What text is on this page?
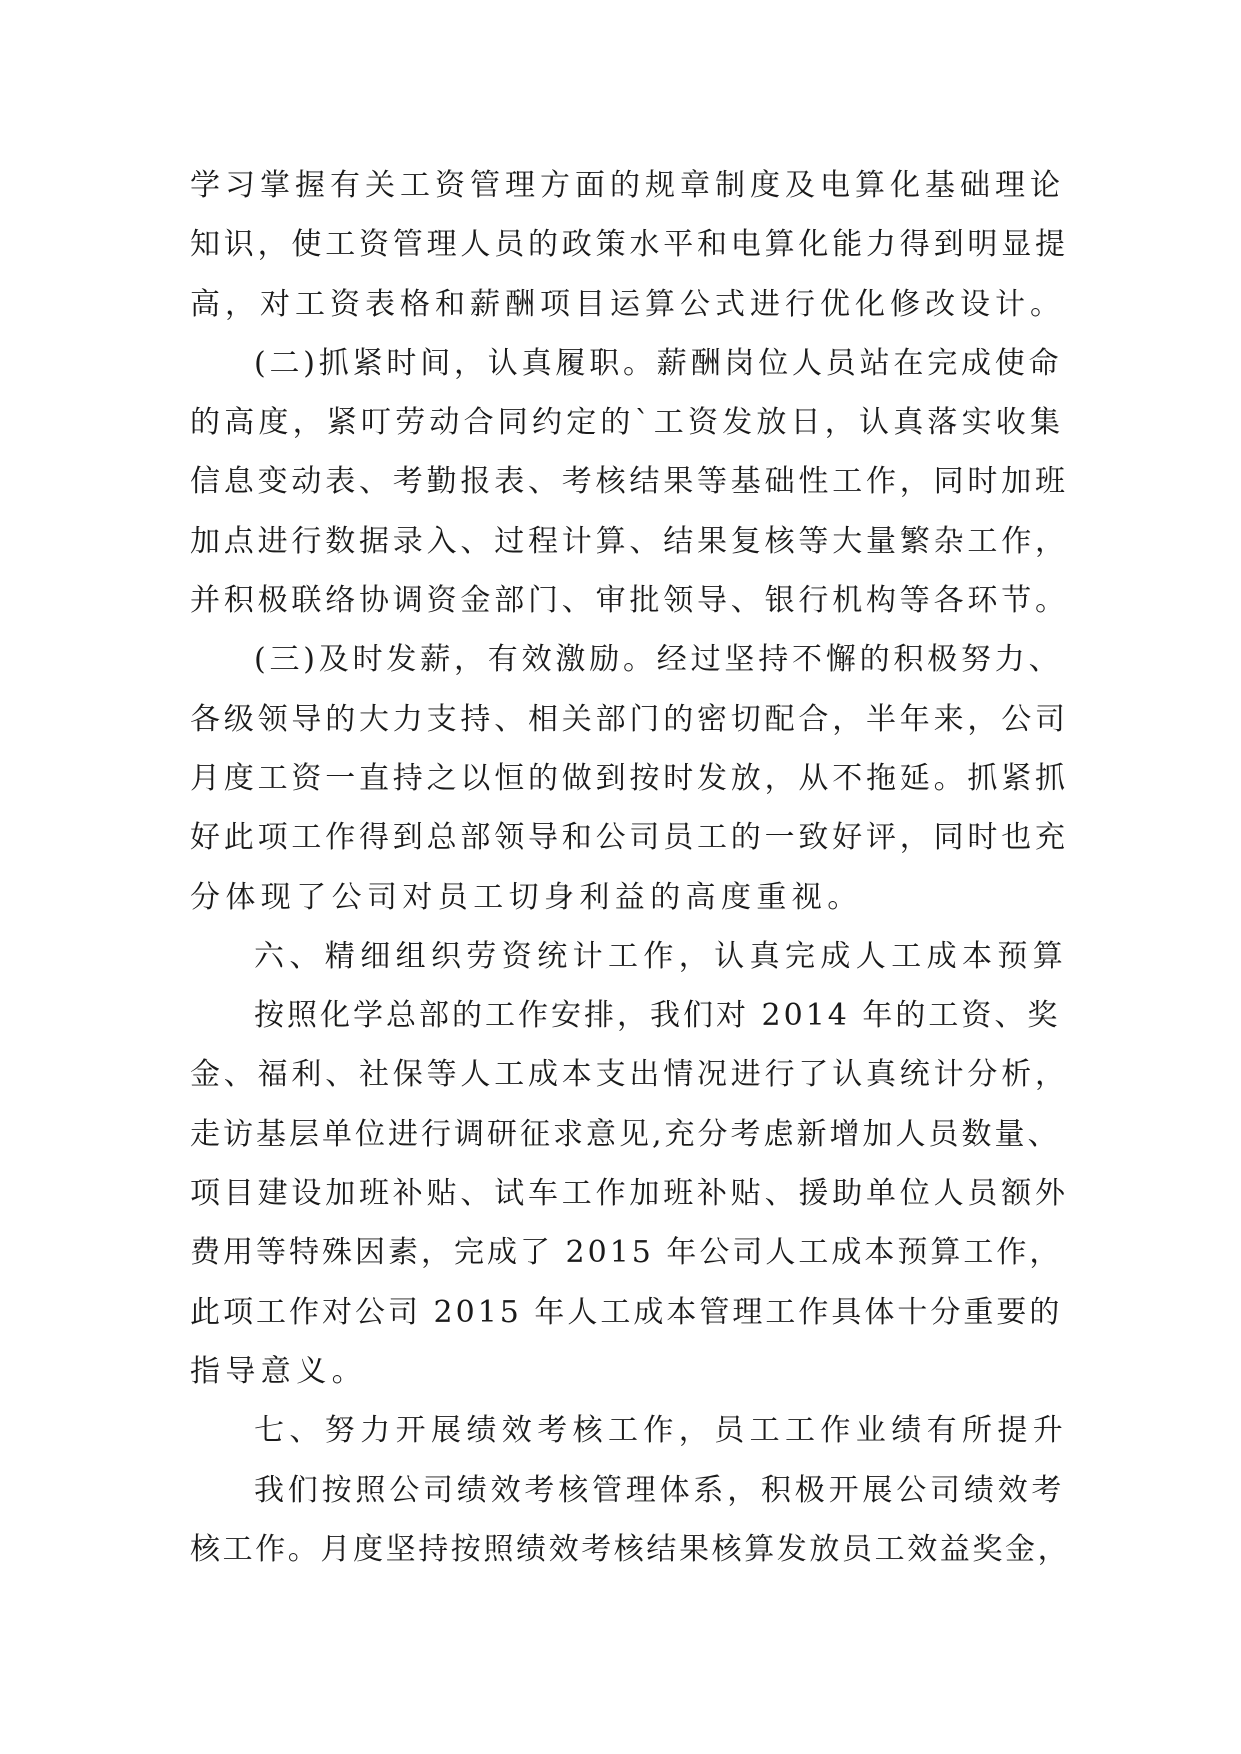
学习掌握有关工资管理方面的规章制度及电算化基础理论
知识，使工资管理人员的政策水平和电算化能力得到明显提
高，对工资表格和薪酬项目运算公式进行优化修改设计。
(二)抓紧时间，认真履职。薪酬岗位人员站在完成使命
的高度，紧叮劳动合同约定的`工资发放日，认真落实收集
信息变动表、考勤报表、考核结果等基础性工作，同时加班
加点进行数据录入、过程计算、结果复核等大量繁杂工作，
并积极联络协调资金部门、审批领导、银行机构等各环节。
(三)及时发薪，有效激励。经过坚持不懈的积极努力、
各级领导的大力支持、相关部门的密切配合，半年来，公司
月度工资一直持之以恒的做到按时发放，从不拖延。抓紧抓
好此项工作得到总部领导和公司员工的一致好评，同时也充
分体现了公司对员工切身利益的高度重视。
六、精细组织劳资统计工作，认真完成人工成本预算
按照化学总部的工作安排，我们对 2014 年的工资、奖
金、福利、社保等人工成本支出情况进行了认真统计分析，
走访基层单位进行调研征求意见,充分考虑新增加人员数量、
项目建设加班补贴、试车工作加班补贴、援助单位人员额外
费用等特殊因素，完成了 2015 年公司人工成本预算工作，
此项工作对公司 2015 年人工成本管理工作具体十分重要的
指导意义。
七、努力开展绩效考核工作，员工工作业绩有所提升
我们按照公司绩效考核管理体系，积极开展公司绩效考
核工作。月度坚持按照绩效考核结果核算发放员工效益奖金，
